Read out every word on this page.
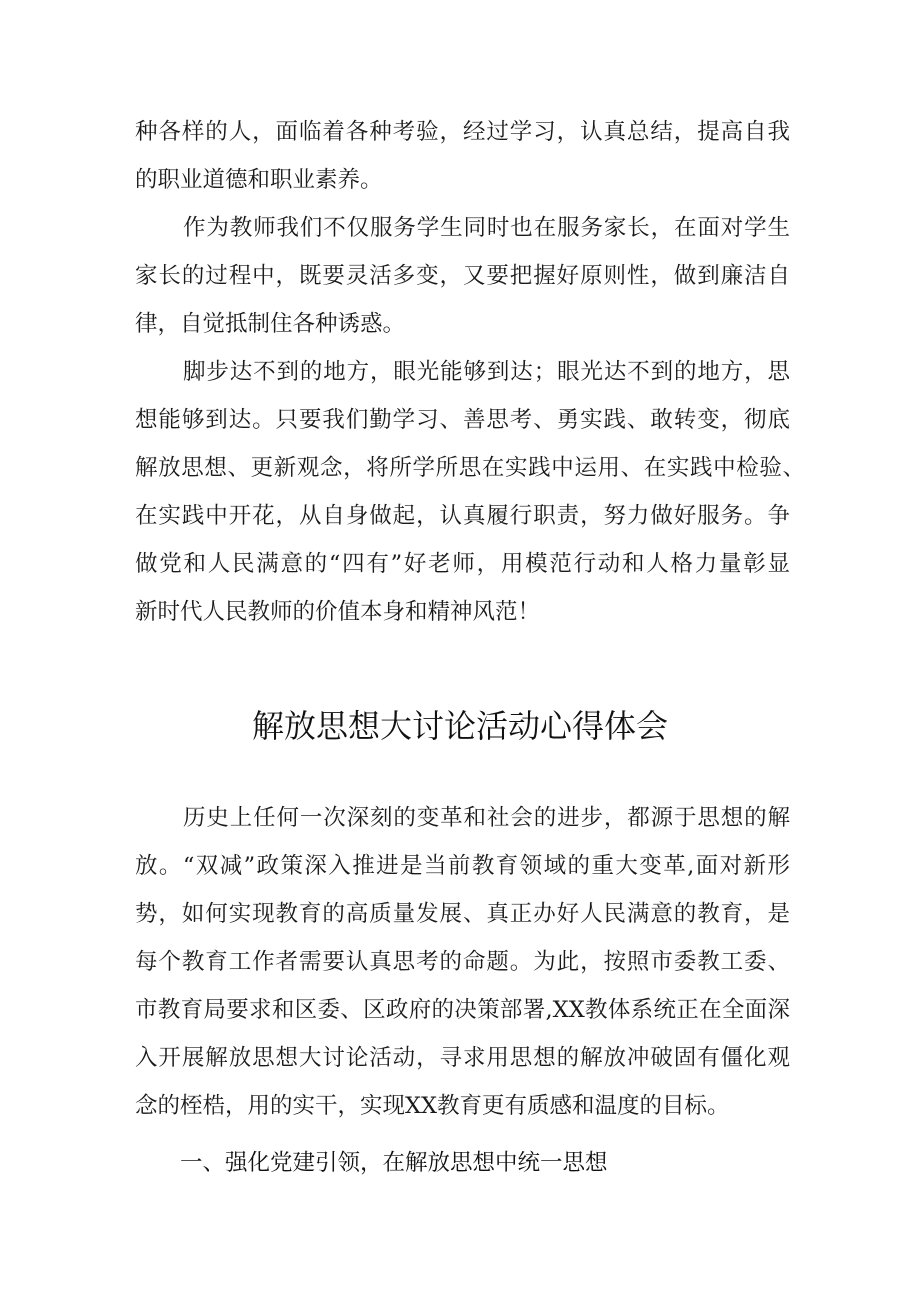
种各样的人，面临着各种考验，经过学习，认真总结，提高自我
的职业道德和职业素养。
作为教师我们不仅服务学生同时也在服务家长，在面对学生
家长的过程中，既要灵活多变，又要把握好原则性，做到廉洁自
律，自觉抵制住各种诱惑。
脚步达不到的地方，眼光能够到达；眼光达不到的地方，思
想能够到达。只要我们勤学习、善思考、勇实践、敢转变，彻底
解放思想、更新观念，将所学所思在实践中运用、在实践中检验、
在实践中开花，从自身做起，认真履行职责，努力做好服务。争
做党和人民满意的“四有”好老师，用模范行动和人格力量彰显
新时代人民教师的价值本身和精神风范！
解放思想大讨论活动心得体会
历史上任何一次深刻的变革和社会的进步，都源于思想的解
放。“双减”政策深入推进是当前教育领域的重大变革,面对新形
势，如何实现教育的高质量发展、真正办好人民满意的教育，是
每个教育工作者需要认真思考的命题。为此，按照市委教工委、
市教育局要求和区委、区政府的决策部署,XX教体系统正在全面深
入开展解放思想大讨论活动，寻求用思想的解放冲破固有僵化观
念的桎梏，用的实干，实现XX教育更有质感和温度的目标。
一、强化党建引领，在解放思想中统一思想
